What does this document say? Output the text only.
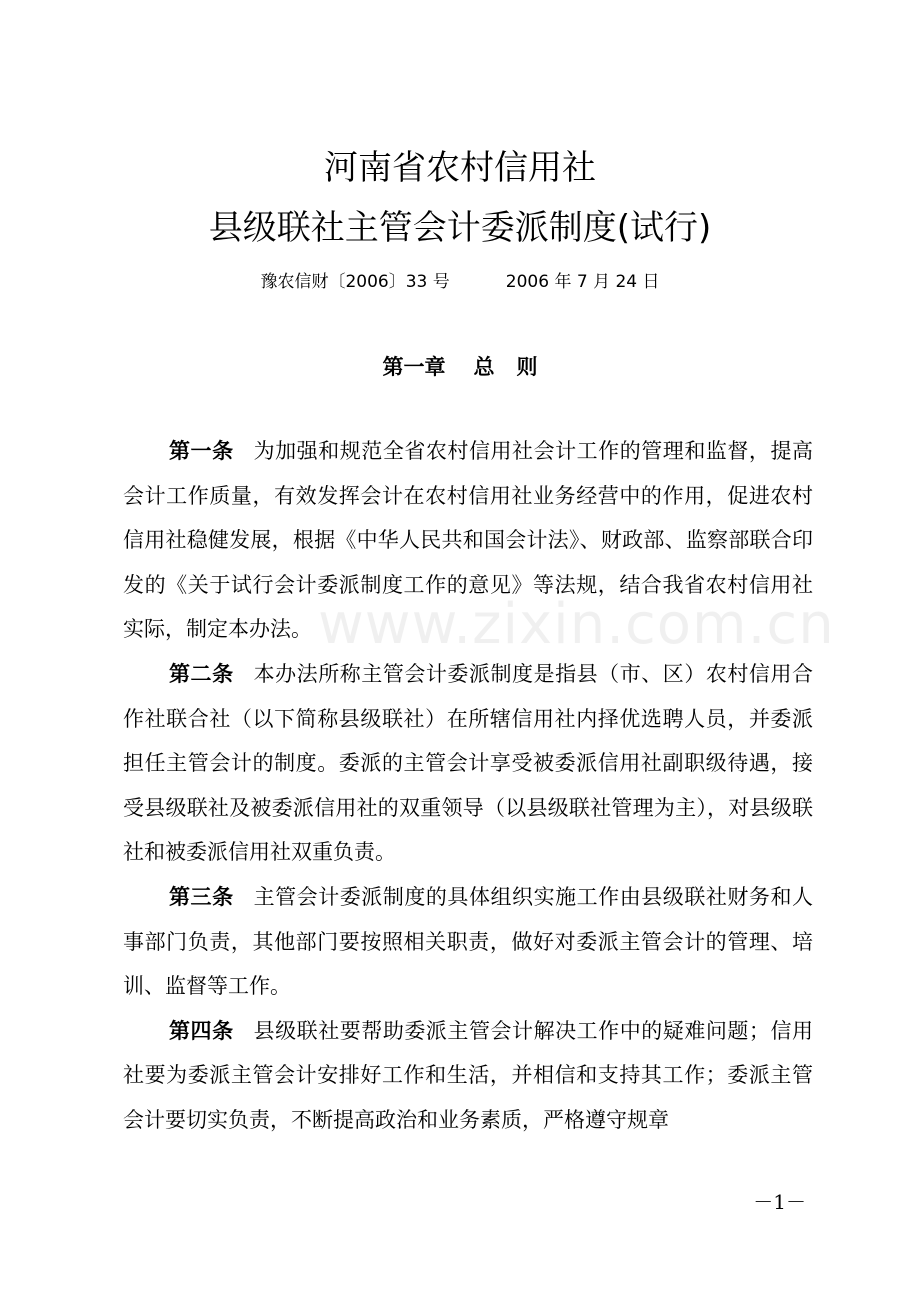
河南省农村信用社
县级联社主管会计委派制度(试行)
豫农信财〔2006〕33 号	2006 年 7 月 24 日
第一章 总 则

第一条 为加强和规范全省农村信用社会计工作的管理和监督，提高会计工作质量，有效发挥会计在农村信用社业务经营中的作用，促进农村信用社稳健发展，根据《中华人民共和国会计法》、财政部、监察部联合印发的《关于试行会计委派制度工作的意见》等法规，结合我省农村信用社实际，制定本办法。

第二条 本办法所称主管会计委派制度是指县（市、区）农村信用合作社联合社（以下简称县级联社）在所辖信用社内择优选聘人员，并委派担任主管会计的制度。委派的主管会计享受被委派信用社副职级待遇，接受县级联社及被委派信用社的双重领导（以县级联社管理为主），对县级联社和被委派信用社双重负责。

第三条 主管会计委派制度的具体组织实施工作由县级联社财务和人事部门负责，其他部门要按照相关职责，做好对委派主管会计的管理、培训、监督等工作。

第四条 县级联社要帮助委派主管会计解决工作中的疑难问题；信用社要为委派主管会计安排好工作和生活，并相信和支持其工作；委派主管会计要切实负责，不断提高政治和业务素质，严格遵守规章

www.zixin.com.cn
－1－
